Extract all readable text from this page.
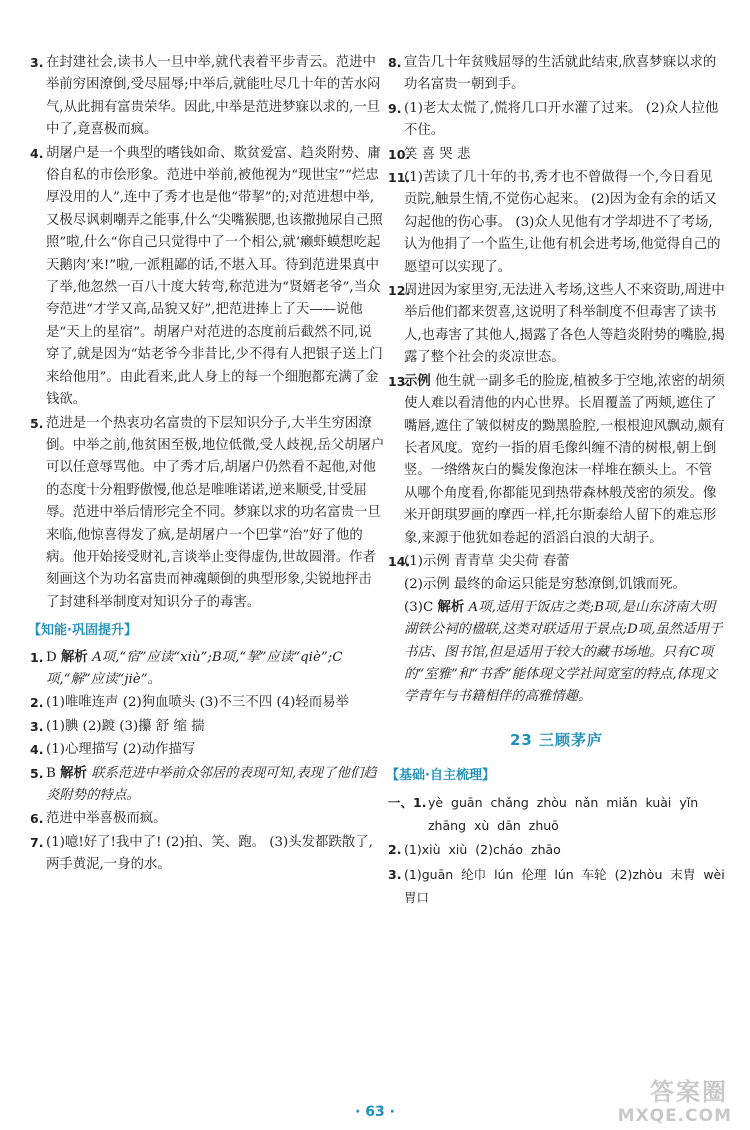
3. 在封建社会,读书人一旦中举,就代表着平步青云。范进中举前穷困潦倒,受尽屈辱;中举后,就能吐尽几十年的苦水闷气,从此拥有富贵荣华。因此,中举是范进梦寐以求的,一旦中了,竟喜极而疯。
4. 胡屠户是一个典型的嗜钱如命、欺贫爱富、趋炎附势、庸俗自私的市侩形象。范进中举前,被他视为“现世宝”“烂忠厚没用的人”,连中了秀才也是他“带挈”的;对范进想中举,又极尽讽刺嘲弄之能事,什么“尖嘴猴腮,也该撒抛尿自己照照”啦,什么“你自己只觉得中了一个相公,就‘癞虾蟆想吃起天鹅肉’来!”啦,一派粗鄙的话,不堪入耳。待到范进果真中了举,他忽然一百八十度大转弯,称范进为“贤婿老爷”,当众夸范进“才学又高,品貌又好”,把范进捧上了天——说他是“天上的星宿”。胡屠户对范进的态度前后截然不同,说穿了,就是因为“姑老爷今非昔比,少不得有人把银子送上门来给他用”。由此看来,此人身上的每一个细胞都充满了金钱欲。
5. 范进是一个热衷功名富贵的下层知识分子,大半生穷困潦倒。中举之前,他贫困至极,地位低微,受人歧视,岳父胡屠户可以任意辱骂他。中了秀才后,胡屠户仍然看不起他,对他的态度十分粗野傲慢,他总是唯唯诺诺,逆来顺受,甘受屈辱。范进中举后情形完全不同。梦寐以求的功名富贵一旦来临,他惊喜得发了疯,是胡屠户一个巴掌“治”好了他的病。他开始接受财礼,言谈举止变得虚伪,世故圆滑。作者刻画这个为功名富贵而神魂颠倒的典型形象,尖锐地抨击了封建科举制度对知识分子的毒害。
【知能·巩固提升】
1. D 解析 A项,“宿”应读“xiù”;B项,“挈”应读“qiè”;C项,“解”应读“jiè”。
2. (1)唯唯连声 (2)狗血喷头 (3)不三不四 (4)轻而易举
3. (1)腆 (2)踱 (3)攥 舒 缩 揣
4. (1)心理描写 (2)动作描写
5. B 解析 联系范进中举前众邻居的表现可知,表现了他们趋炎附势的特点。
6. 范进中举喜极而疯。
7. (1)噫!好了!我中了! (2)拍、笑、跑。 (3)头发都跌散了,两手黄泥,一身的水。
8. 宣告几十年贫贱屈辱的生活就此结束,欣喜梦寐以求的功名富贵一朝到手。
9. (1)老太太慌了,慌将几口开水灌了过来。 (2)众人拉他不住。
10.
笑 喜 哭 悲
11.
(1)苦读了几十年的书,秀才也不曾做得一个,今日看见贡院,触景生情,不觉伤心起来。 (2)因为金有余的话又勾起他的伤心事。 (3)众人见他有才学却进不了考场,认为他捐了一个监生,让他有机会进考场,他觉得自己的愿望可以实现了。
12.
周进因为家里穷,无法进入考场,这些人不来资助,周进中举后他们都来贺喜,这说明了科举制度不但毒害了读书人,也毒害了其他人,揭露了各色人等趋炎附势的嘴脸,揭露了整个社会的炎凉世态。
13.
示例 他生就一副多毛的脸庞,植被多于空地,浓密的胡须使人难以看清他的内心世界。长眉覆盖了两颊,遮住了嘴唇,遮住了皱似树皮的黝黑脸腔,一根根迎风飘动,颇有长者风度。宽约一指的眉毛像纠缠不清的树根,朝上倒竖。一绺绺灰白的鬓发像泡沫一样堆在额头上。不管从哪个角度看,你都能见到热带森林般茂密的须发。像米开朗琪罗画的摩西一样,托尔斯泰给人留下的难忘形象,来源于他犹如卷起的滔滔白浪的大胡子。
14.
(1)示例 青青草 尖尖荷 春蕾
(2)示例 最终的命运只能是穷愁潦倒,饥饿而死。
(3)C 解析 A项,适用于饭店之类;B项,是山东济南大明湖铁公祠的楹联,这类对联适用于景点;D项,虽然适用于书店、图书馆,但是适用于较大的藏书场地。只有C项的“室雅”和“书香”能体现文学社间宽室的特点,体现文学青年与书籍相伴的高雅情趣。
23 三顾茅庐
【基础·自主梳理】
一、1. yè guān chǎng zhòu nǎn miǎn kuài yǐn zhāng xù dān zhuō
2. (1)xiù xiù (2)cháo zhāo
3. (1)guān 纶巾 lún 伦理 lún 车轮 (2)zhòu 末胄 wèi 胃口
· 63 ·
答案圈
MXQE.COM
